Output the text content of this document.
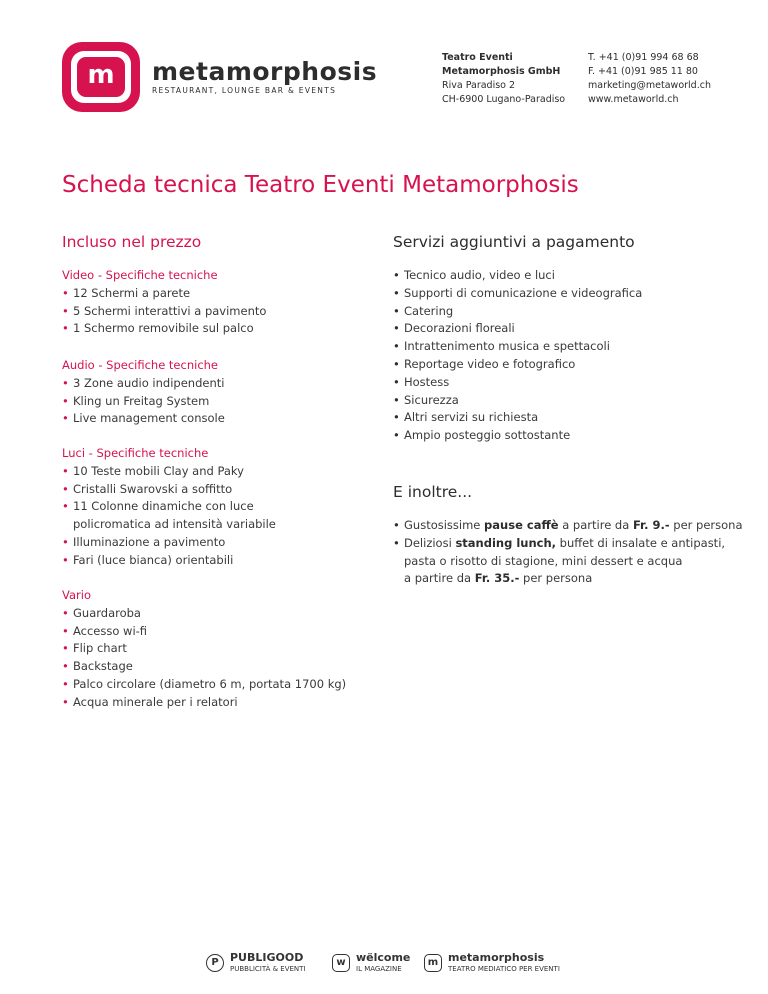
m	metamorphosis
RESTAURANT, LOUNGE BAR & EVENTS
Teatro Eventi
Metamorphosis GmbH
Riva Paradiso 2
CH-6900 Lugano-Paradiso
T. +41 (0)91 994 68 68
F. +41 (0)91 985 11 80
marketing@metaworld.ch
www.metaworld.ch
Scheda tecnica Teatro Eventi Metamorphosis
Incluso nel prezzo
Video - Specifiche tecniche
• 12 Schermi a parete
• 5 Schermi interattivi a pavimento
• 1 Schermo removibile sul palco
Audio - Specifiche tecniche
• 3 Zone audio indipendenti
• Kling un Freitag System
• Live management console
Luci - Specifiche tecniche
• 10 Teste mobili Clay and Paky
• Cristalli Swarovski a soffitto
• 11 Colonne dinamiche con luce
policromatica ad intensità variabile
• Illuminazione a pavimento
• Fari (luce bianca) orientabili
Vario
• Guardaroba
• Accesso wi-fi
• Flip chart
• Backstage
• Palco circolare (diametro 6 m, portata 1700 kg)
• Acqua minerale per i relatori
Servizi aggiuntivi a pagamento
• Tecnico audio, video e luci
• Supporti di comunicazione e videografica
• Catering
• Decorazioni floreali
• Intrattenimento musica e spettacoli
• Reportage video e fotografico
• Hostess
• Sicurezza
• Altri servizi su richiesta
• Ampio posteggio sottostante
E inoltre...
• Gustosissime pause caffè a partire da Fr. 9.- per persona
• Deliziosi standing lunch, buffet di insalate e antipasti,
pasta o risotto di stagione, mini dessert e acqua
a partire da Fr. 35.- per persona
P	PUBLIGOOD
PUBBLICITÀ & EVENTI
w wëlcome
IL MAGAZINE
m metamorphosis
TEATRO MEDIATICO PER EVENTI
